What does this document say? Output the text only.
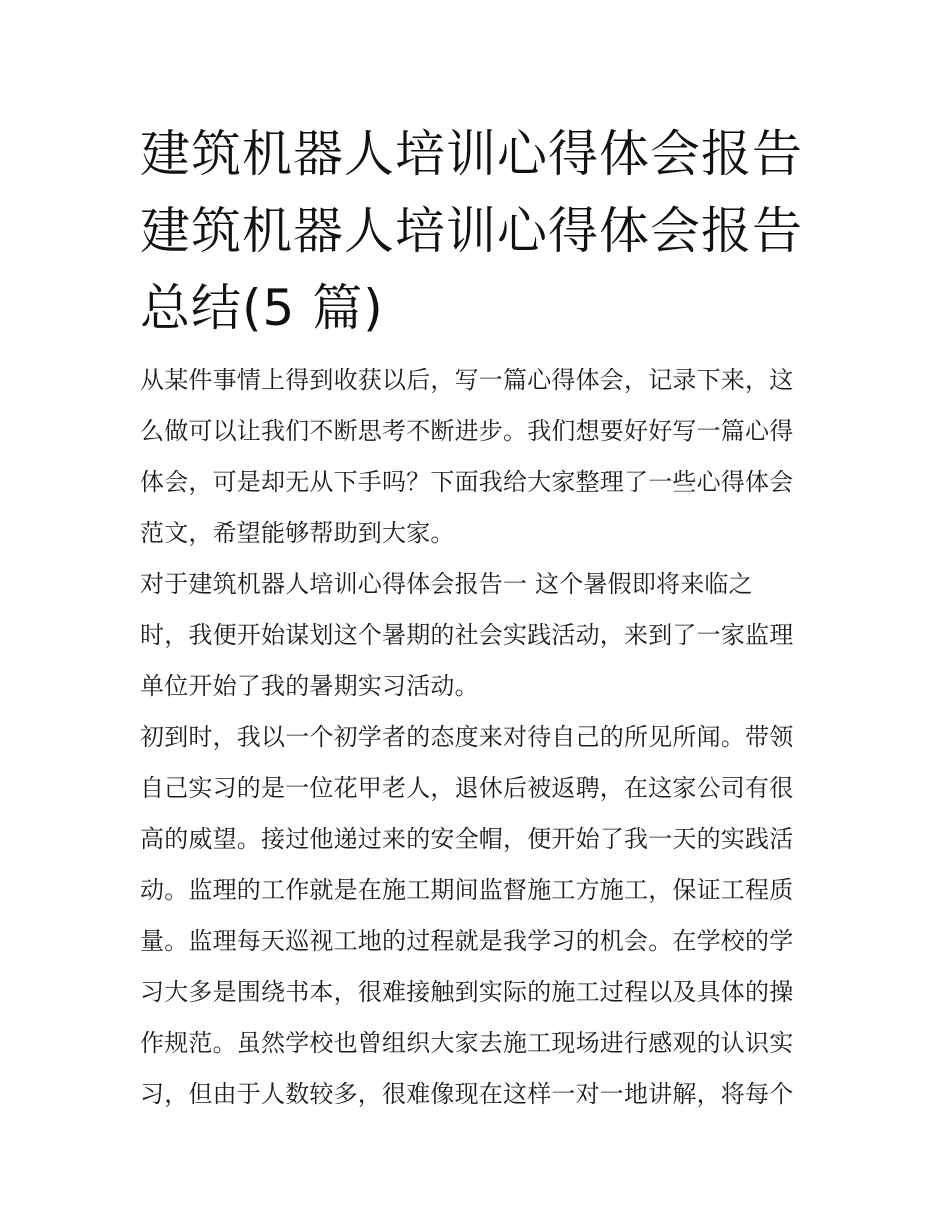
建筑机器人培训心得体会报告
建筑机器人培训心得体会报告
总结(5 篇)
从某件事情上得到收获以后，写一篇心得体会，记录下来，这
么做可以让我们不断思考不断进步。我们想要好好写一篇心得
体会，可是却无从下手吗？下面我给大家整理了一些心得体会
范文，希望能够帮助到大家。
对于建筑机器人培训心得体会报告一 这个暑假即将来临之
时，我便开始谋划这个暑期的社会实践活动，来到了一家监理
单位开始了我的暑期实习活动。
初到时，我以一个初学者的态度来对待自己的所见所闻。带领
自己实习的是一位花甲老人，退休后被返聘，在这家公司有很
高的威望。接过他递过来的安全帽，便开始了我一天的实践活
动。监理的工作就是在施工期间监督施工方施工，保证工程质
量。监理每天巡视工地的过程就是我学习的机会。在学校的学
习大多是围绕书本，很难接触到实际的施工过程以及具体的操
作规范。虽然学校也曾组织大家去施工现场进行感观的认识实
习，但由于人数较多，很难像现在这样一对一地讲解，将每个
